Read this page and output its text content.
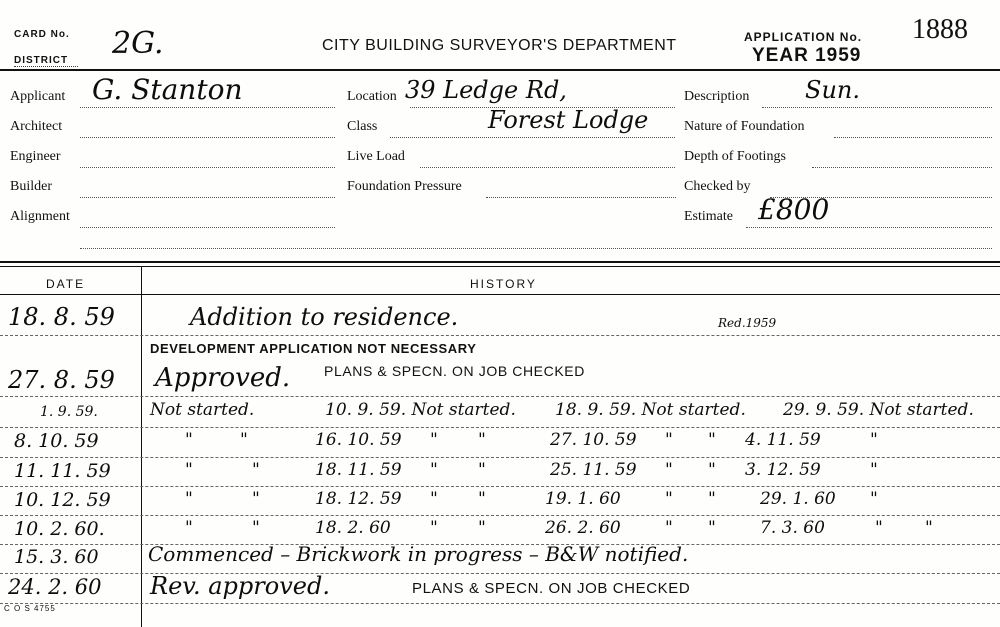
CARD No.
DISTRICT 2G.	CITY BUILDING SURVEYOR'S DEPARTMENT	APPLICATION No.
YEAR 1959
1888
Applicant G. Stanton
Architect
Engineer
Builder
Alignment
Location 39 Ledge Rd,
Class	Forest Lodge
Live Load
Foundation Pressure
Description Sun.
Nature of Foundation
Depth of Footings
Checked by
Estimate £800
DATE	HISTORY
18. 8. 59	Addition to residence.	Red.1959
DEVELOPMENT APPLICATION NOT NECESSARY
27. 8. 59 Approved. PLANS & SPECN. ON JOB CHECKED
1. 9. 59.	Not started.	10. 9. 59. Not started. 18. 9. 59. Not started. 29. 9. 59. Not started.
8. 10. 59	"	"	16. 10. 59 " "	27. 10. 59 " " 4. 11. 59	"
11. 11. 59	"	"	18. 11. 59 " "	25. 11. 59 " " 3. 12. 59	"
10. 12. 59	"	"	18. 12. 59 " "	19. 1. 60	" "	29. 1. 60 "
10. 2. 60.	"	"	18. 2. 60 " "	26. 2. 60	" "	7. 3. 60	" "
15. 3. 60 Commenced – Brickwork in progress – B&W notified.
24. 2. 60 Rev. approved.	PLANS & SPECN. ON JOB CHECKED
C O S 4755
